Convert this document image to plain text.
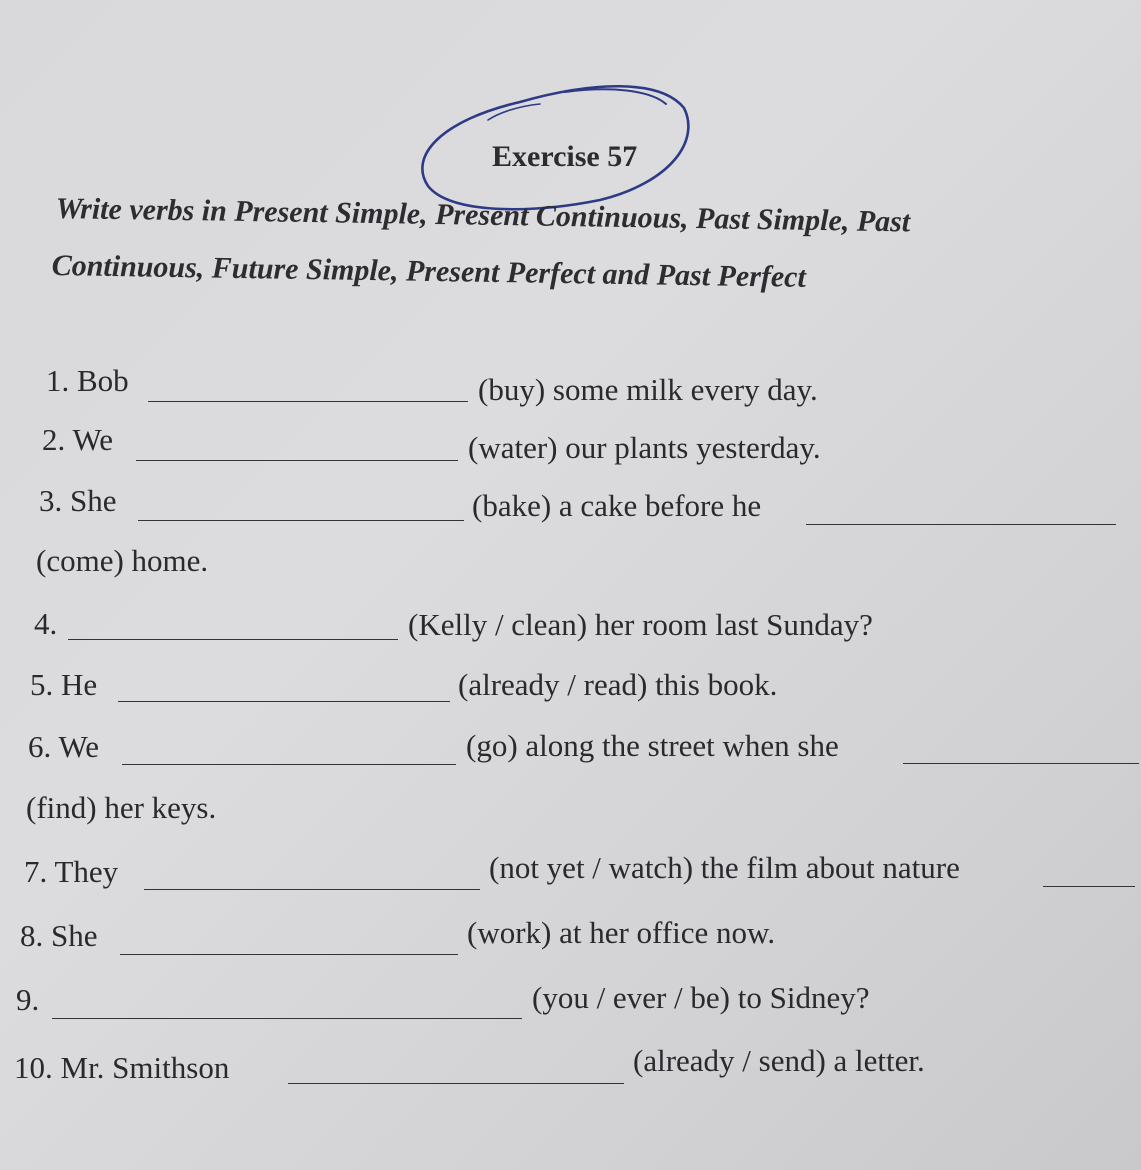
Exercise 57
Write verbs in Present Simple, Present Continuous, Past Simple, Past
Continuous, Future Simple, Present Perfect and Past Perfect
1. Bob	(buy) some milk every day.
2. We	(water) our plants yesterday.
3. She	(bake) a cake before he
(come) home.
4.	(Kelly / clean) her room last Sunday?
5. He	(already / read) this book.
6. We	(go) along the street when she
(find) her keys.
7. They	(not yet / watch) the film about nature
8. She	(work) at her office now.
9.	(you / ever / be) to Sidney?
10. Mr. Smithson	(already / send) a letter.
